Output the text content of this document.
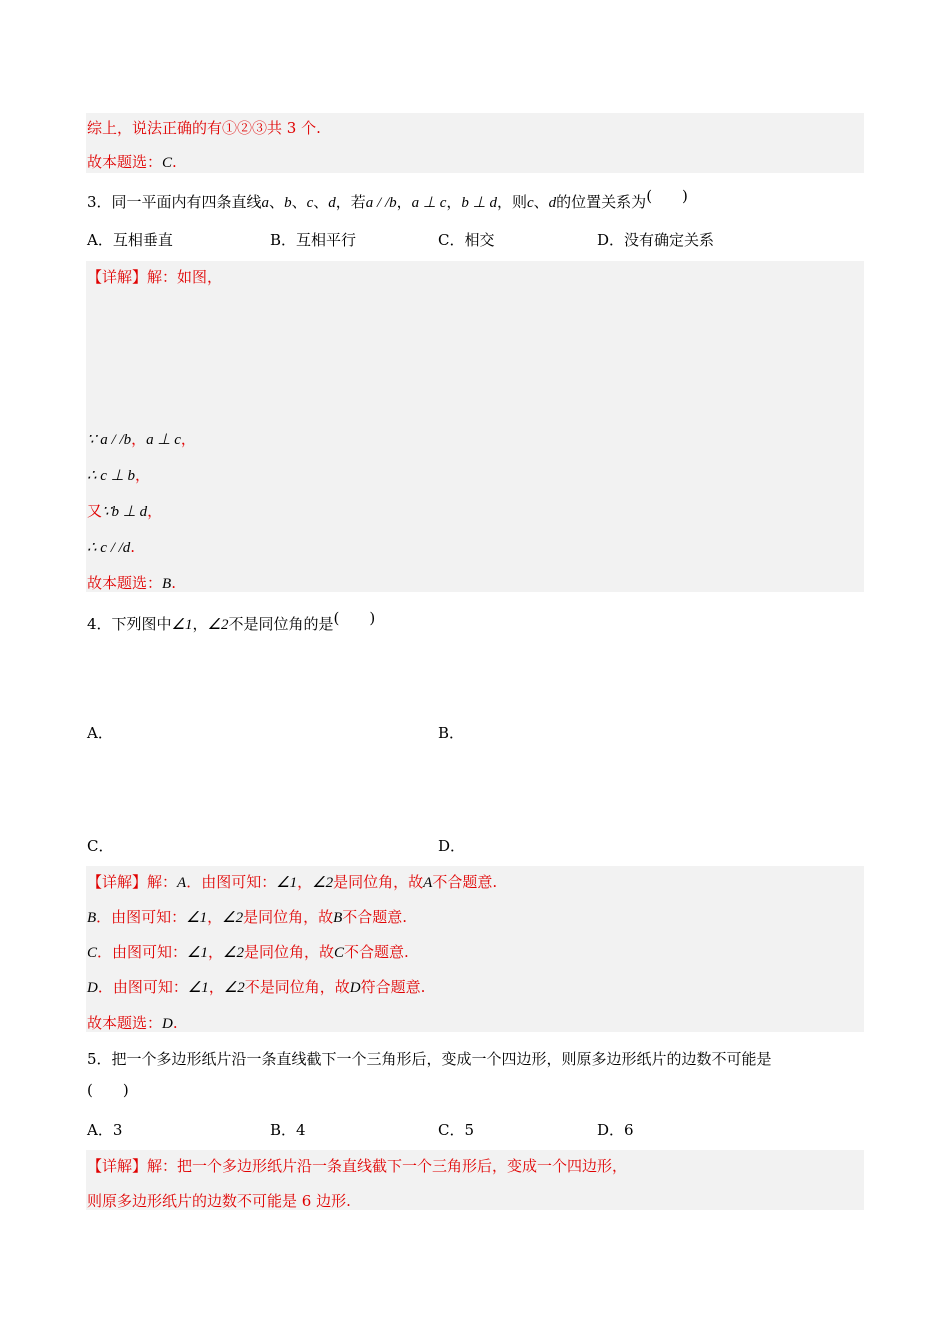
综上，说法正确的有①②③共 3 个.
故本题选：C.
3．同一平面内有四条直线a、b、c、d，若a / /b，a ⊥ c，b ⊥ d，则c、d的位置关系为(　　)
A．互相垂直	B．互相平行	C．相交	D．没有确定关系
【详解】解：如图，
∵ a / /b，a ⊥ c，
∴ c ⊥ b，
又∵b ⊥ d，
∴ c / /d.
故本题选：B.
4．下列图中∠1，∠2不是同位角的是(　　)
A．	B．
C．	D．
【详解】解：A．由图可知：∠1，∠2是同位角，故A不合题意.
B．由图可知：∠1，∠2是同位角，故B不合题意.
C．由图可知：∠1，∠2是同位角，故C不合题意.
D．由图可知：∠1，∠2不是同位角，故D符合题意.
故本题选：D.
5．把一个多边形纸片沿一条直线截下一个三角形后，变成一个四边形，则原多边形纸片的边数不可能是
(　　)
A．3	B．4	C．5	D．6
【详解】解：把一个多边形纸片沿一条直线截下一个三角形后，变成一个四边形，
则原多边形纸片的边数不可能是 6 边形.
